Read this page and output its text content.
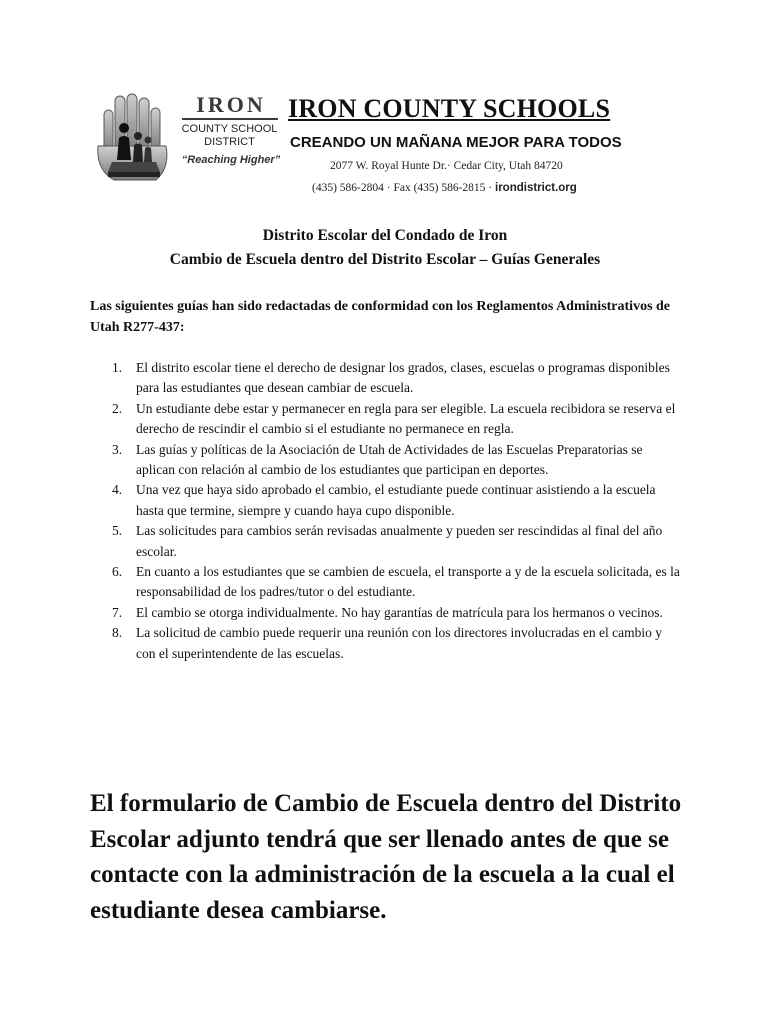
IRON
COUNTY SCHOOL
DISTRICT
“Reaching Higher”
IRON COUNTY SCHOOLS
CREANDO UN MAÑANA MEJOR PARA TODOS
2077 W. Royal Hunte Dr.· Cedar City, Utah 84720
(435) 586-2804 · Fax (435) 586-2815 · irondistrict.org
Distrito Escolar del Condado de Iron
Cambio de Escuela dentro del Distrito Escolar – Guías Generales
Las siguientes guías han sido redactadas de conformidad con los Reglamentos Administrativos de Utah R277-437:
1. El distrito escolar tiene el derecho de designar los grados, clases, escuelas o programas disponibles para las estudiantes que desean cambiar de escuela.
2. Un estudiante debe estar y permanecer en regla para ser elegible. La escuela recibidora se reserva el derecho de rescindir el cambio si el estudiante no permanece en regla.
3. Las guías y políticas de la Asociación de Utah de Actividades de las Escuelas Preparatorias se aplican con relación al cambio de los estudiantes que participan en deportes.
4. Una vez que haya sido aprobado el cambio, el estudiante puede continuar asistiendo a la escuela hasta que termine, siempre y cuando haya cupo disponible.
5. Las solicitudes para cambios serán revisadas anualmente y pueden ser rescindidas al final del año escolar.
6. En cuanto a los estudiantes que se cambien de escuela, el transporte a y de la escuela solicitada, es la responsabilidad de los padres/tutor o del estudiante.
7. El cambio se otorga individualmente. No hay garantías de matrícula para los hermanos o vecinos.
8. La solicitud de cambio puede requerir una reunión con los directores involucradas en el cambio y con el superintendente de las escuelas.
El formulario de Cambio de Escuela dentro del Distrito Escolar adjunto tendrá que ser llenado antes de que se contacte con la administración de la escuela a la cual el estudiante desea cambiarse.
